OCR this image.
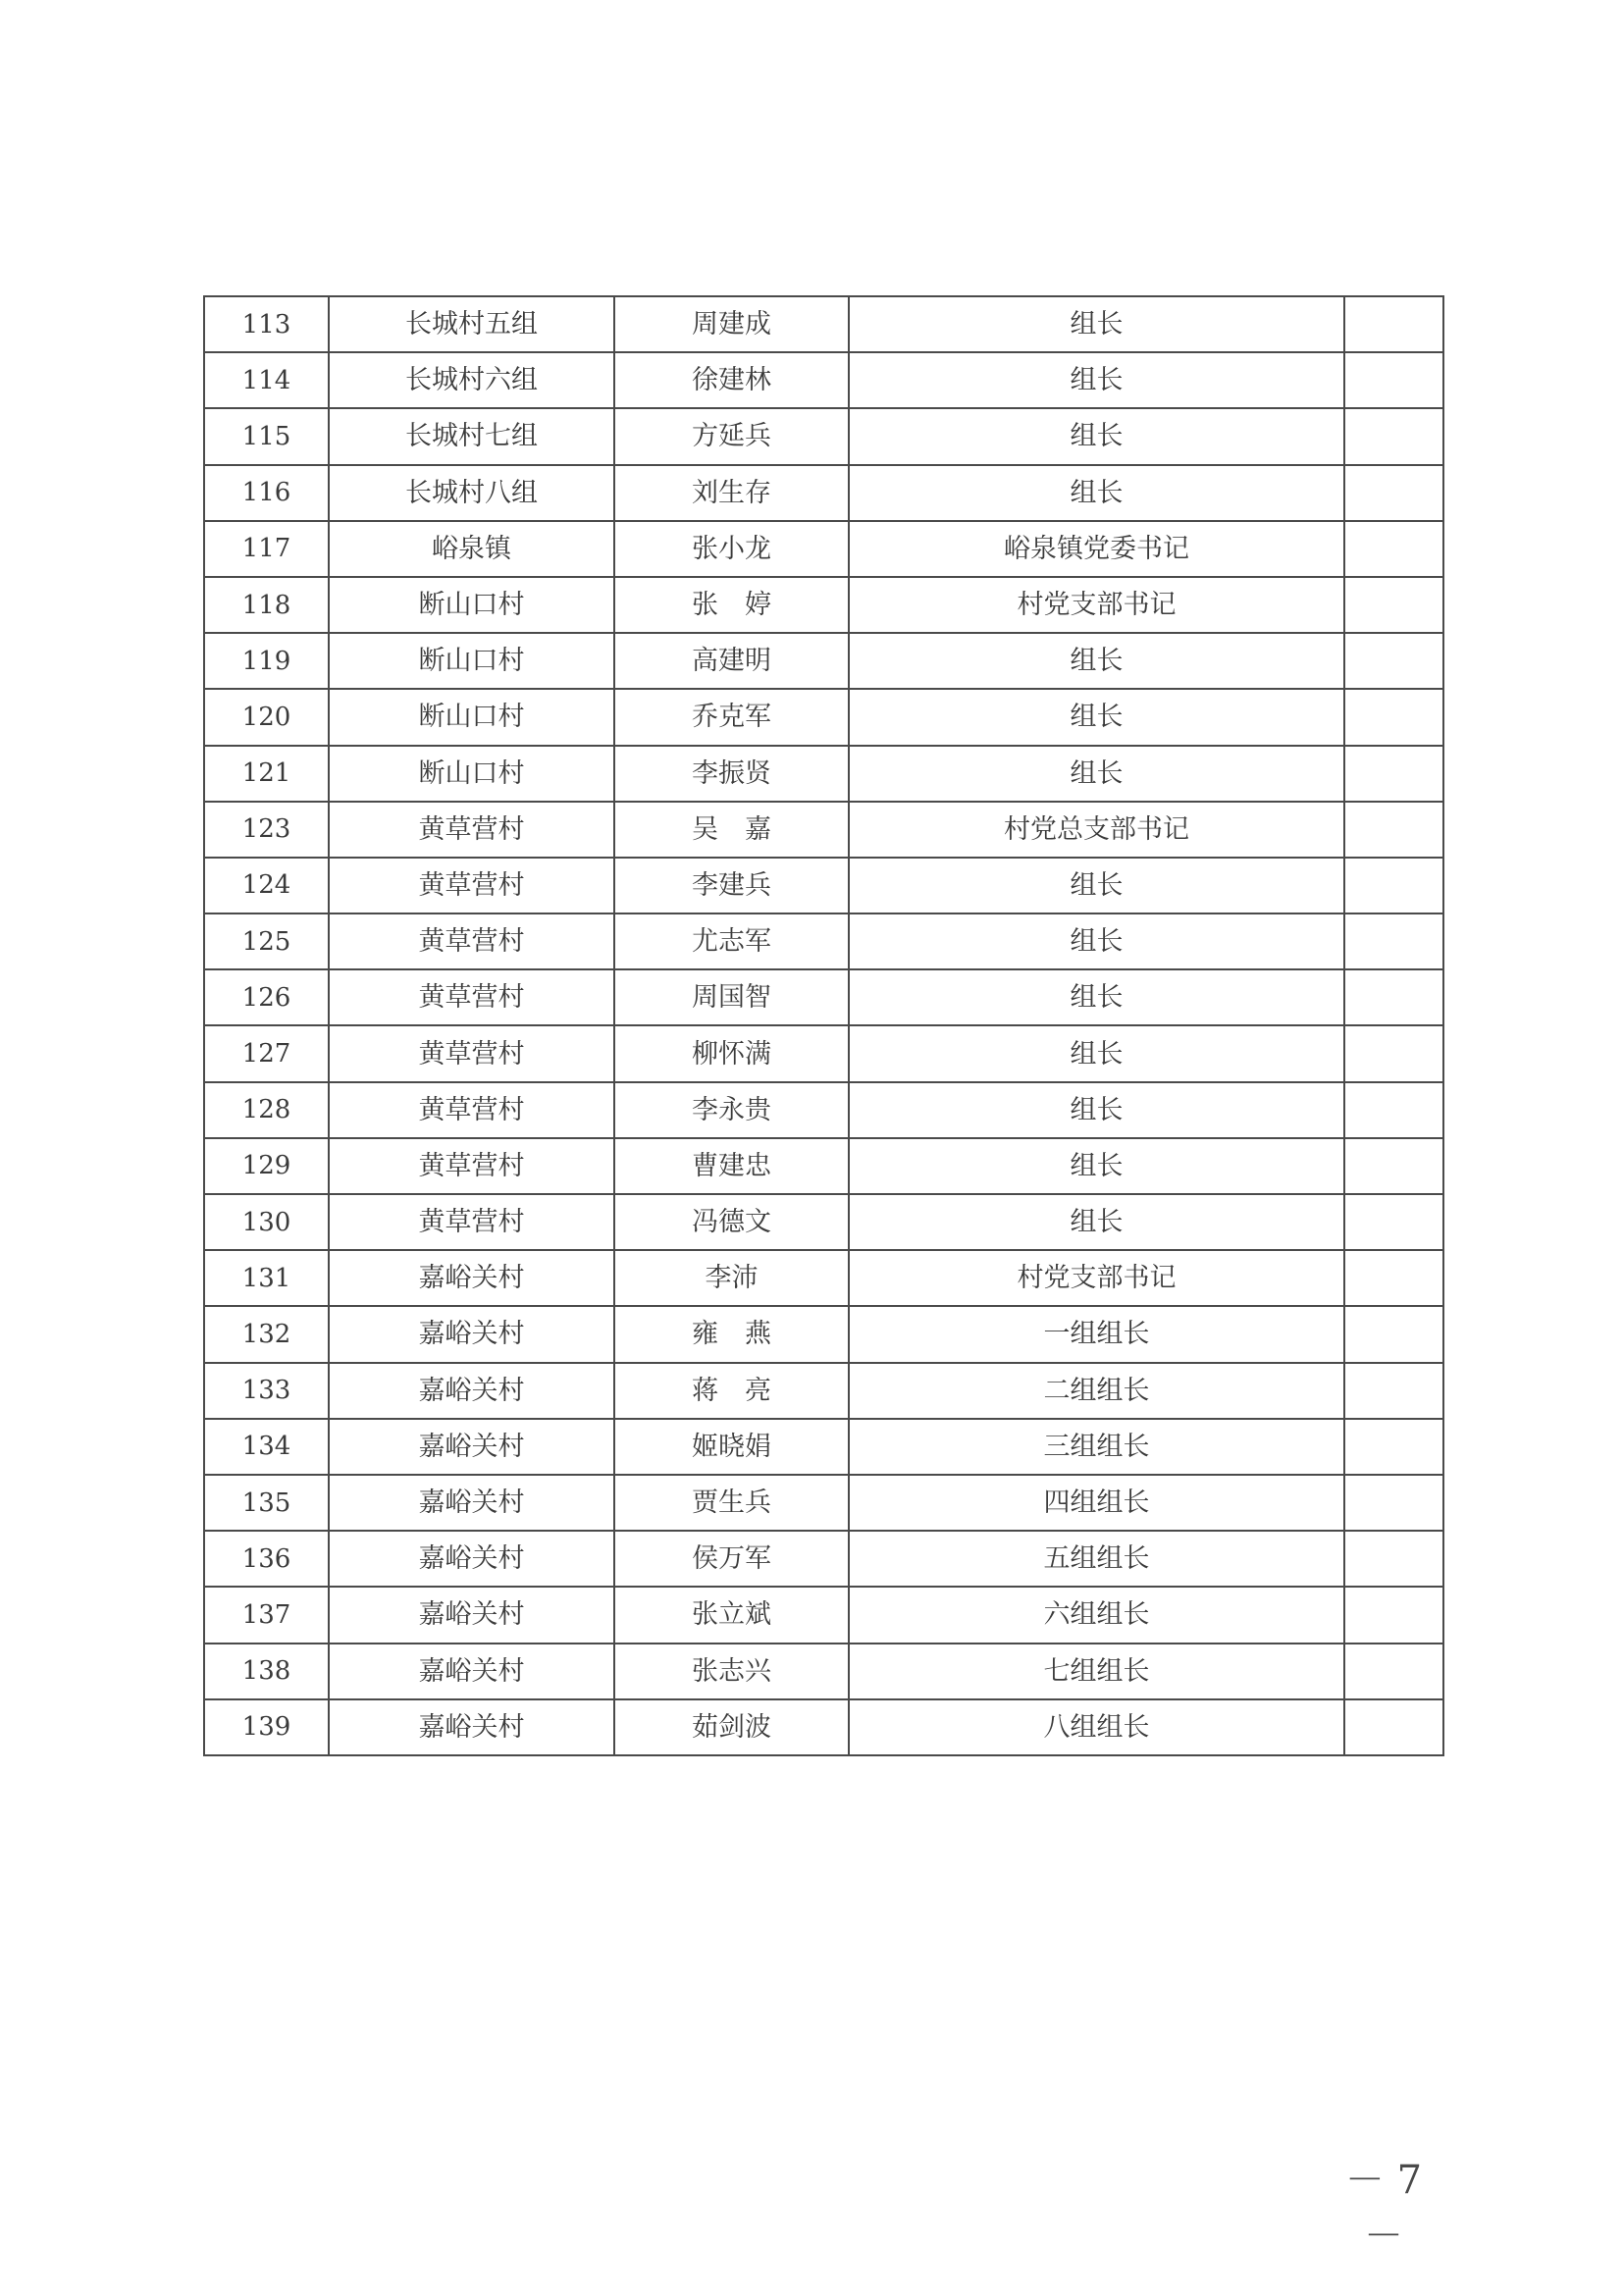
113	长城村五组	周建成	组长	
114	长城村六组	徐建林	组长	
115	长城村七组	方延兵	组长	
116	长城村八组	刘生存	组长	
117	峪泉镇	张小龙	峪泉镇党委书记	
118	断山口村	张　婷	村党支部书记	
119	断山口村	高建明	组长	
120	断山口村	乔克军	组长	
121	断山口村	李振贤	组长	
123	黄草营村	吴　嘉	村党总支部书记	
124	黄草营村	李建兵	组长	
125	黄草营村	尤志军	组长	
126	黄草营村	周国智	组长	
127	黄草营村	柳怀满	组长	
128	黄草营村	李永贵	组长	
129	黄草营村	曹建忠	组长	
130	黄草营村	冯德文	组长	
131	嘉峪关村	李沛	村党支部书记	
132	嘉峪关村	雍　燕	一组组长	
133	嘉峪关村	蒋　亮	二组组长	
134	嘉峪关村	姬晓娟	三组组长	
135	嘉峪关村	贾生兵	四组组长	
136	嘉峪关村	侯万军	五组组长	
137	嘉峪关村	张立斌	六组组长	
138	嘉峪关村	张志兴	七组组长	
139	嘉峪关村	茹剑波	八组组长	
－ 7 －
